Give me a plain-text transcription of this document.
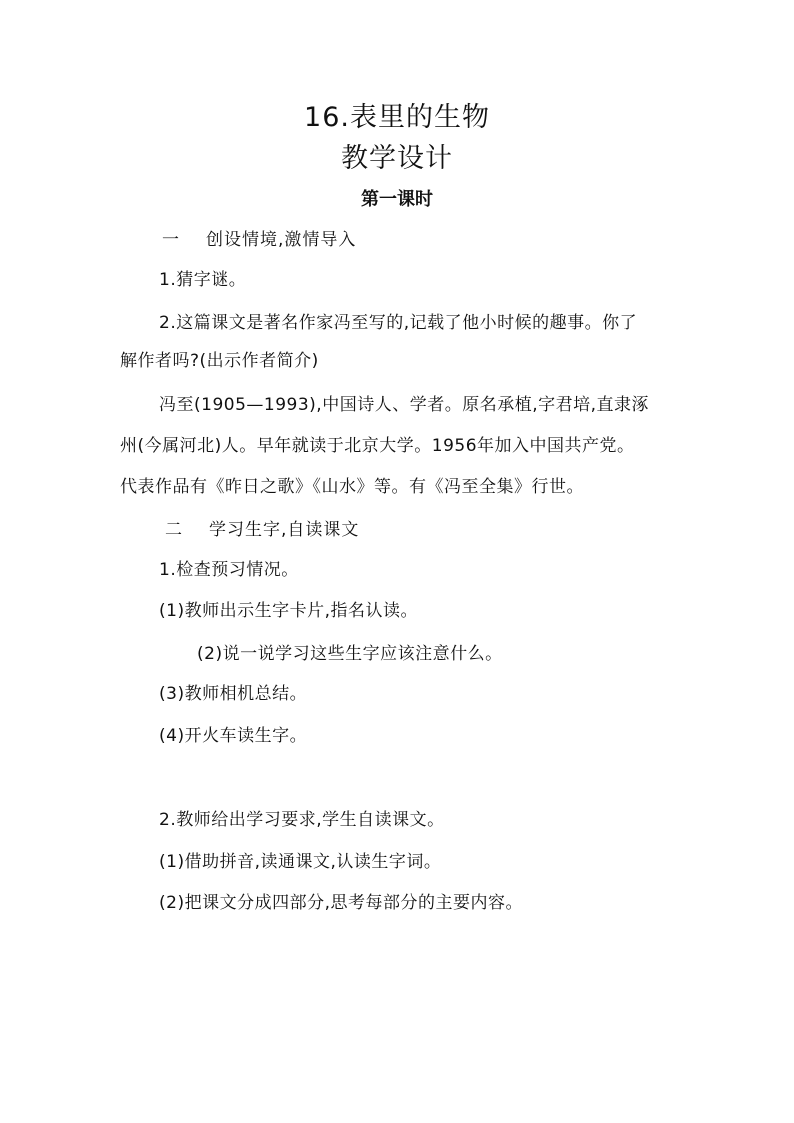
16.表里的生物
教学设计
第一课时
一 创设情境,激情导入
1.猜字谜。
2.这篇课文是著名作家冯至写的,记载了他小时候的趣事。你了
解作者吗?(出示作者简介)
冯至(1905—1993),中国诗人、学者。原名承植,字君培,直隶涿
州(今属河北)人。早年就读于北京大学。1956年加入中国共产党。
代表作品有《昨日之歌》《山水》等。有《冯至全集》行世。
二 学习生字,自读课文
1.检查预习情况。
(1)教师出示生字卡片,指名认读。
(2)说一说学习这些生字应该注意什么。
(3)教师相机总结。
(4)开火车读生字。
2.教师给出学习要求,学生自读课文。
(1)借助拼音,读通课文,认读生字词。
(2)把课文分成四部分,思考每部分的主要内容。
